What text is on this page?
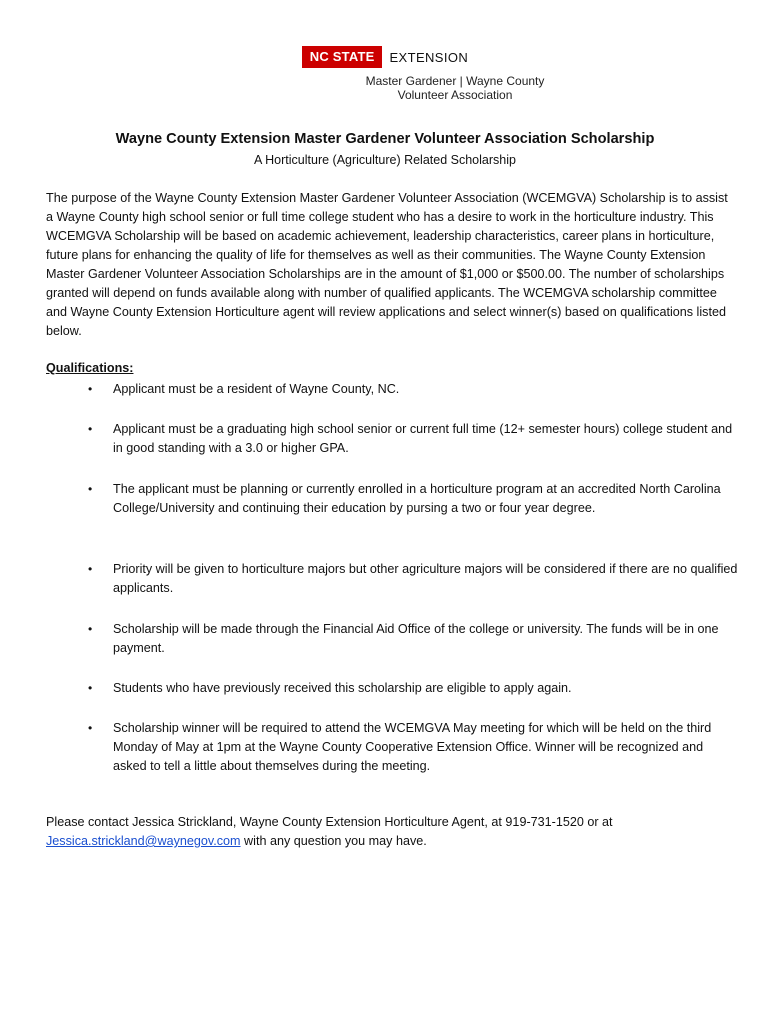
NC STATE	EXTENSION
Master Gardener | Wayne County
Volunteer Association
Wayne County Extension Master Gardener Volunteer Association Scholarship
A Horticulture (Agriculture) Related Scholarship
The purpose of the Wayne County Extension Master Gardener Volunteer Association (WCEMGVA) Scholarship is to assist a Wayne County high school senior or full time college student who has a desire to work in the horticulture industry. This WCEMGVA Scholarship will be based on academic achievement, leadership characteristics, career plans in horticulture, future plans for enhancing the quality of life for themselves as well as their communities. The Wayne County Extension Master Gardener Volunteer Association Scholarships are in the amount of $1,000 or $500.00. The number of scholarships granted will depend on funds available along with number of qualified applicants. The WCEMGVA scholarship committee and Wayne County Extension Horticulture agent will review applications and select winner(s) based on qualifications listed below.
Qualifications:
• Applicant must be a resident of Wayne County, NC.
• Applicant must be a graduating high school senior or current full time (12+ semester hours) college student and in good standing with a 3.0 or higher GPA.
• The applicant must be planning or currently enrolled in a horticulture program at an accredited North Carolina College/University and continuing their education by pursing a two or four year degree.
• Priority will be given to horticulture majors but other agriculture majors will be considered if there are no qualified applicants.
• Scholarship will be made through the Financial Aid Office of the college or university. The funds will be in one payment.
• Students who have previously received this scholarship are eligible to apply again.
• Scholarship winner will be required to attend the WCEMGVA May meeting for which will be held on the third Monday of May at 1pm at the Wayne County Cooperative Extension Office. Winner will be recognized and asked to tell a little about themselves during the meeting.
Please contact Jessica Strickland, Wayne County Extension Horticulture Agent, at 919-731-1520 or at Jessica.strickland@waynegov.com with any question you may have.
